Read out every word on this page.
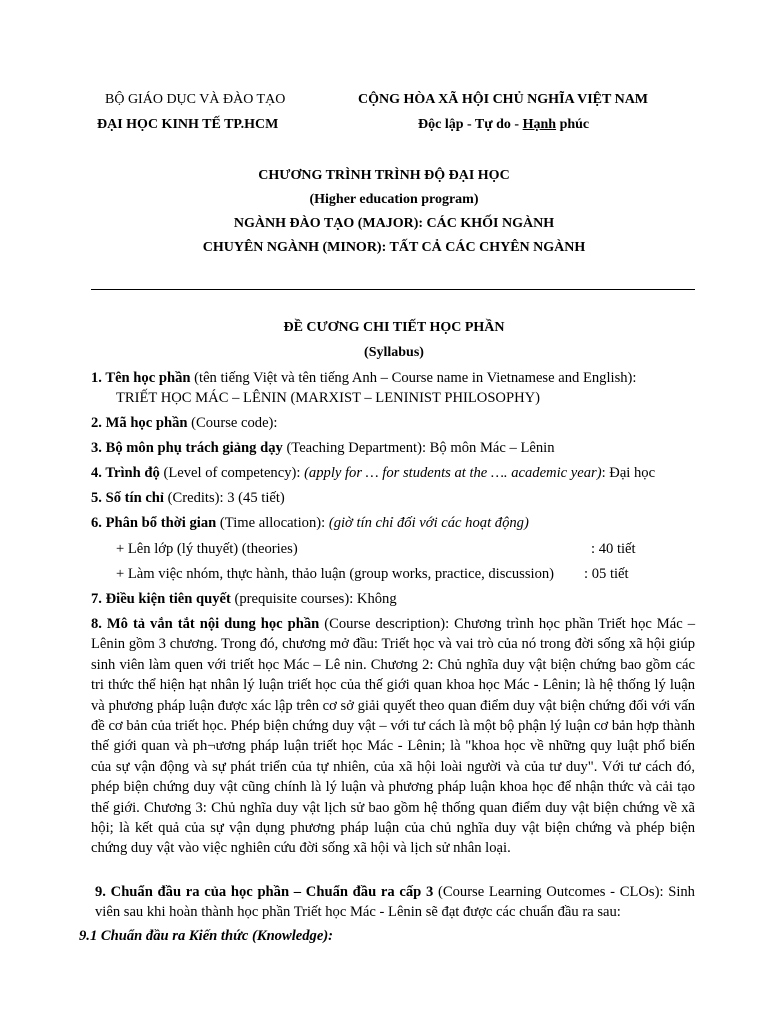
BỘ GIÁO DỤC VÀ ĐÀO TẠO
ĐẠI HỌC KINH TẾ TP.HCM
CỘNG HÒA XÃ HỘI CHỦ NGHĨA VIỆT NAM
Độc lập - Tự do - Hạnh phúc
CHƯƠNG TRÌNH TRÌNH ĐỘ ĐẠI HỌC
(Higher education program)
NGÀNH ĐÀO TẠO (MAJOR): CÁC KHỐI NGÀNH
CHUYÊN NGÀNH (MINOR): TẤT CẢ CÁC CHYÊN NGÀNH
ĐỀ CƯƠNG CHI TIẾT HỌC PHẦN
(Syllabus)
1. Tên học phần (tên tiếng Việt và tên tiếng Anh – Course name in Vietnamese and English):
TRIẾT HỌC MÁC – LÊNIN (MARXIST – LENINIST PHILOSOPHY)
2. Mã học phần (Course code):
3. Bộ môn phụ trách giảng dạy (Teaching Department): Bộ môn Mác – Lênin
4. Trình độ (Level of competency): (apply for … for students at the …. academic year): Đại học
5. Số tín chỉ (Credits): 3 (45 tiết)
6. Phân bổ thời gian (Time allocation): (giờ tín chỉ đối với các hoạt động)
+ Lên lớp (lý thuyết) (theories)	: 40 tiết
+ Làm việc nhóm, thực hành, thảo luận (group works, practice, discussion) : 05 tiết
7. Điều kiện tiên quyết (prequisite courses): Không
8. Mô tả vắn tắt nội dung học phần (Course description): Chương trình học phần Triết học Mác – Lênin gồm 3 chương. Trong đó, chương mở đầu: Triết học và vai trò của nó trong đời sống xã hội giúp sinh viên làm quen với triết học Mác – Lê nin. Chương 2: Chủ nghĩa duy vật biện chứng bao gồm các tri thức thể hiện hạt nhân lý luận triết học của thế giới quan khoa học Mác - Lênin; là hệ thống lý luận và phương pháp luận được xác lập trên cơ sở giải quyết theo quan điểm duy vật biện chứng đối với vấn đề cơ bản của triết học. Phép biện chứng duy vật – với tư cách là một bộ phận lý luận cơ bản hợp thành thế giới quan và ph¬ương pháp luận triết học Mác - Lênin; là "khoa học về những quy luật phổ biến của sự vận động và sự phát triển của tự nhiên, của xã hội loài người và của tư duy". Với tư cách đó, phép biện chứng duy vật cũng chính là lý luận và phương pháp luận khoa học để nhận thức và cải tạo thế giới. Chương 3: Chủ nghĩa duy vật lịch sử bao gồm hệ thống quan điểm duy vật biện chứng về xã hội; là kết quả của sự vận dụng phương pháp luận của chủ nghĩa duy vật biện chứng và phép biện chứng duy vật vào việc nghiên cứu đời sống xã hội và lịch sử nhân loại.
9. Chuẩn đầu ra của học phần – Chuẩn đầu ra cấp 3 (Course Learning Outcomes - CLOs): Sinh viên sau khi hoàn thành học phần Triết học Mác - Lênin sẽ đạt được các chuẩn đầu ra sau:
9.1 Chuẩn đầu ra Kiến thức (Knowledge):
